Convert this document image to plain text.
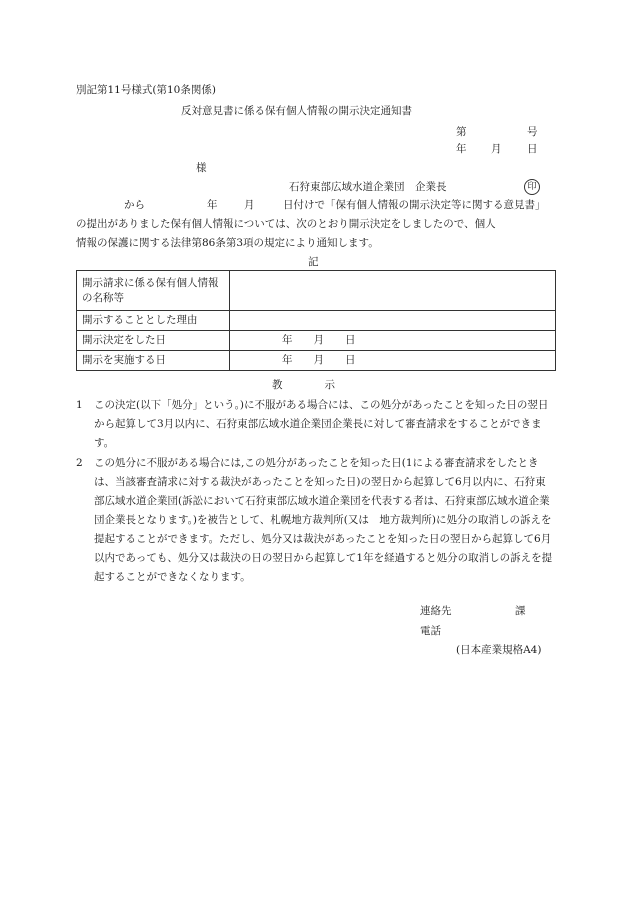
別記第11号様式(第10条関係)
反対意見書に係る保有個人情報の開示決定通知書
第	号
年 月 日
様
石狩東部広域水道企業団　企業長	印
から	年	月	日付けで「保有個人情報の開示決定等に関する意見書」
の提出がありました保有個人情報については、次のとおり開示決定をしましたので、個人
情報の保護に関する法律第86条第3項の規定により通知します。
記
開示請求に係る保有個人情報の名称等	
開示することとした理由	
開示決定をした日	年　　月　　日
開示を実施する日	年　　月　　日
教　　　　示
1	この決定(以下「処分」という。)に不服がある場合には、この処分があったことを知った日の翌日から起算して3月以内に、石狩東部広域水道企業団企業長に対して審査請求をすることができます。
2	この処分に不服がある場合には,この処分があったことを知った日(1による審査請求をしたときは、当該審査請求に対する裁決があったことを知った日)の翌日から起算して6月以内に、石狩東部広域水道企業団(訴訟において石狩東部広域水道企業団を代表する者は、石狩東部広域水道企業団企業長となります。)を被告として、札幌地方裁判所(又は　地方裁判所)に処分の取消しの訴えを提起することができます。ただし、処分又は裁決があったことを知った日の翌日から起算して6月以内であっても、処分又は裁決の日の翌日から起算して1年を経過すると処分の取消しの訴えを提起することができなくなります。
連絡先	課
電話
(日本産業規格A4)
